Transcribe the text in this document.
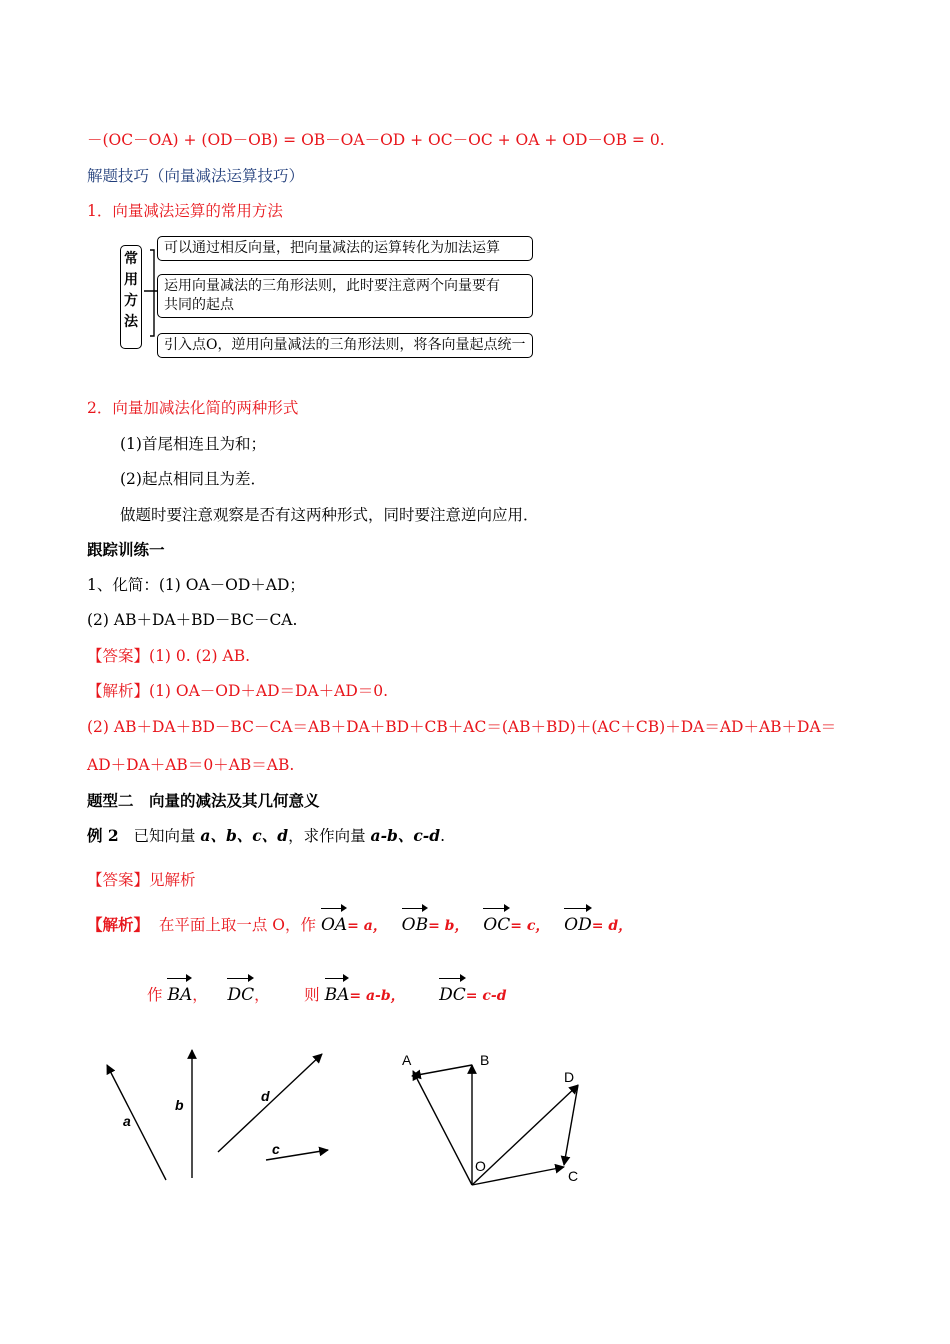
－(OC－OA) + (OD－OB) = OB－OA－OD + OC－OC + OA + OD－OB = 0.
解题技巧（向量减法运算技巧）
1．向量减法运算的常用方法
常
用
方
法
可以通过相反向量，把向量减法的运算转化为加法运算
运用向量减法的三角形法则，此时要注意两个向量要有
共同的起点
引入点O，逆用向量减法的三角形法则，将各向量起点统一
2．向量加减法化简的两种形式
(1)首尾相连且为和；
(2)起点相同且为差．
做题时要注意观察是否有这两种形式，同时要注意逆向应用．
跟踪训练一
1、化简：(1) OA－OD＋AD；
(2) AB＋DA＋BD－BC－CA.
【答案】(1) 0. (2) AB.
【解析】(1) OA－OD＋AD＝DA＋AD＝0.
(2) AB＋DA＋BD－BC－CA＝AB＋DA＋BD＋CB＋AC＝(AB＋BD)＋(AC＋CB)＋DA＝AD＋AB＋DA＝
AD＋DA＋AB＝0＋AB＝AB.
题型二　向量的减法及其几何意义
例 2 已知向量 a、b、c、d，求作向量 a-b、c-d.
【答案】见解析
【解析】 在平面上取一点 O，作 OA= a， OB= b， OC= c， OD= d，
作 BA， DC， 则 BA= a-b， DC= c-d
a
b
d
c
A	B
D
C
O
